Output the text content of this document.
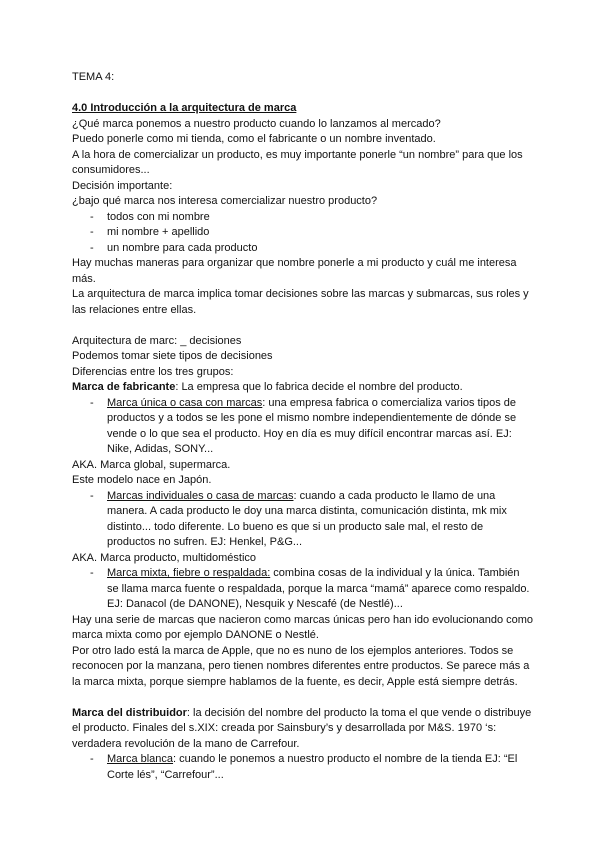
TEMA 4:

4.0 Introducción a la arquitectura de marca

¿Qué marca ponemos a nuestro producto cuando lo lanzamos al mercado?

Puedo ponerle como mi tienda, como el fabricante o un nombre inventado.

A la hora de comercializar un producto, es muy importante ponerle “un nombre” para que los consumidores...

Decisión importante:

¿bajo qué marca nos interesa comercializar nuestro producto?

- todos con mi nombre
- mi nombre + apellido
- un nombre para cada producto

Hay muchas maneras para organizar que nombre ponerle a mi producto y cuál me interesa más.

La arquitectura de marca implica tomar decisiones sobre las marcas y submarcas, sus roles y las relaciones entre ellas.

Arquitectura de marc: _ decisiones

Podemos tomar siete tipos de decisiones

Diferencias entre los tres grupos:

Marca de fabricante: La empresa que lo fabrica decide el nombre del producto.

- Marca única o casa con marcas: una empresa fabrica o comercializa varios tipos de productos y a todos se les pone el mismo nombre independientemente de dónde se vende o lo que sea el producto. Hoy en día es muy difícil encontrar marcas así. EJ: Nike, Adidas, SONY...

AKA. Marca global, supermarca.

Este modelo nace en Japón.

- Marcas individuales o casa de marcas: cuando a cada producto le llamo de una manera. A cada producto le doy una marca distinta, comunicación distinta, mk mix distinto... todo diferente. Lo bueno es que si un producto sale mal, el resto de productos no sufren. EJ: Henkel, P&G...

AKA. Marca producto, multidoméstico

- Marca mixta, fiebre o respaldada: combina cosas de la individual y la única. También se llama marca fuente o respaldada, porque la marca “mamá” aparece como respaldo. EJ: Danacol (de DANONE), Nesquik y Nescafé (de Nestlé)...

Hay una serie de marcas que nacieron como marcas únicas pero han ido evolucionando como marca mixta como por ejemplo DANONE o Nestlé.

Por otro lado está la marca de Apple, que no es nuno de los ejemplos anteriores. Todos se reconocen por la manzana, pero tienen nombres diferentes entre productos. Se parece más a la marca mixta, porque siempre hablamos de la fuente, es decir, Apple está siempre detrás.

Marca del distribuidor: la decisión del nombre del producto la toma el que vende o distribuye el producto. Finales del s.XIX: creada por Sainsbury’s y desarrollada por M&S. 1970 ‘s: verdadera revolución de la mano de Carrefour.

- Marca blanca: cuando le ponemos a nuestro producto el nombre de la tienda EJ: “El Corte lés”, “Carrefour”...
